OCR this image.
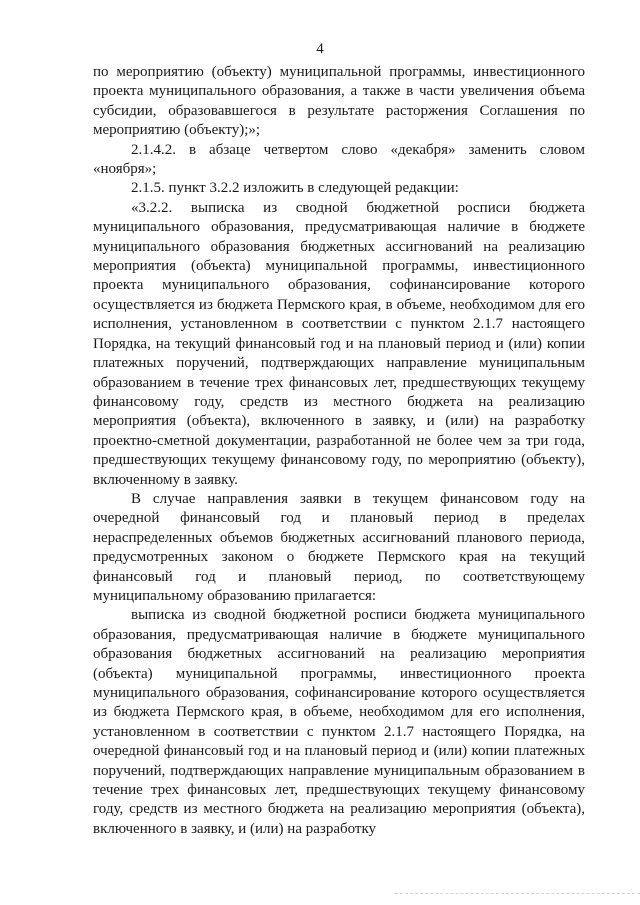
4

по мероприятию (объекту) муниципальной программы, инвестиционного проекта муниципального образования, а также в части увеличения объема субсидии, образовавшегося в результате расторжения Соглашения по мероприятию (объекту);»;

2.1.4.2. в абзаце четвертом слово «декабря» заменить словом «ноября»;

2.1.5. пункт 3.2.2 изложить в следующей редакции:

«3.2.2. выписка из сводной бюджетной росписи бюджета муниципального образования, предусматривающая наличие в бюджете муниципального образования бюджетных ассигнований на реализацию мероприятия (объекта) муниципальной программы, инвестиционного проекта муниципального образования, софинансирование которого осуществляется из бюджета Пермского края, в объеме, необходимом для его исполнения, установленном в соответствии с пунктом 2.1.7 настоящего Порядка, на текущий финансовый год и на плановый период и (или) копии платежных поручений, подтверждающих направление муниципальным образованием в течение трех финансовых лет, предшествующих текущему финансовому году, средств из местного бюджета на реализацию мероприятия (объекта), включенного в заявку, и (или) на разработку проектно-сметной документации, разработанной не более чем за три года, предшествующих текущему финансовому году, по мероприятию (объекту), включенному в заявку.

В случае направления заявки в текущем финансовом году на очередной финансовый год и плановый период в пределах нераспределенных объемов бюджетных ассигнований планового периода, предусмотренных законом о бюджете Пермского края на текущий финансовый год и плановый период, по соответствующему муниципальному образованию прилагается:

выписка из сводной бюджетной росписи бюджета муниципального образования, предусматривающая наличие в бюджете муниципального образования бюджетных ассигнований на реализацию мероприятия (объекта) муниципальной программы, инвестиционного проекта муниципального образования, софинансирование которого осуществляется из бюджета Пермского края, в объеме, необходимом для его исполнения, установленном в соответствии с пунктом 2.1.7 настоящего Порядка, на очередной финансовый год и на плановый период и (или) копии платежных поручений, подтверждающих направление муниципальным образованием в течение трех финансовых лет, предшествующих текущему финансовому году, средств из местного бюджета на реализацию мероприятия (объекта), включенного в заявку, и (или) на разработку
